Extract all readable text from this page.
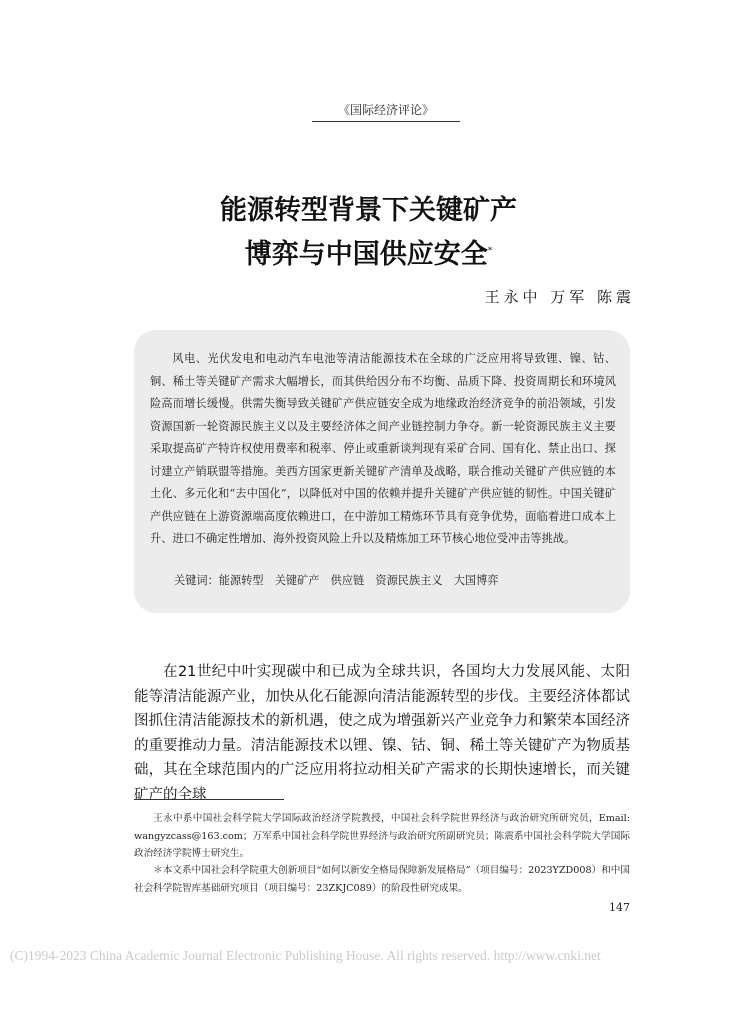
《国际经济评论》
能源转型背景下关键矿产
博弈与中国供应安全*
王永中 万军 陈震

风电、光伏发电和电动汽车电池等清洁能源技术在全球的广泛应用将导致锂、镍、钴、铜、稀土等关键矿产需求大幅增长，而其供给因分布不均衡、品质下降、投资周期长和环境风险高而增长缓慢。供需失衡导致关键矿产供应链安全成为地缘政治经济竞争的前沿领域，引发资源国新一轮资源民族主义以及主要经济体之间产业链控制力争夺。新一轮资源民族主义主要采取提高矿产特许权使用费率和税率、停止或重新谈判现有采矿合同、国有化、禁止出口、探讨建立产销联盟等措施。美西方国家更新关键矿产清单及战略，联合推动关键矿产供应链的本土化、多元化和“去中国化”，以降低对中国的依赖并提升关键矿产供应链的韧性。中国关键矿产供应链在上游资源端高度依赖进口，在中游加工精炼环节具有竞争优势，面临着进口成本上升、进口不确定性增加、海外投资风险上升以及精炼加工环节核心地位受冲击等挑战。

关键词：能源转型　关键矿产　供应链　资源民族主义　大国博弈

在21世纪中叶实现碳中和已成为全球共识，各国均大力发展风能、太阳能等清洁能源产业，加快从化石能源向清洁能源转型的步伐。主要经济体都试图抓住清洁能源技术的新机遇，使之成为增强新兴产业竞争力和繁荣本国经济的重要推动力量。清洁能源技术以锂、镍、钴、铜、稀土等关键矿产为物质基础，其在全球范围内的广泛应用将拉动相关矿产需求的长期快速增长，而关键矿产的全球

王永中系中国社会科学院大学国际政治经济学院教授，中国社会科学院世界经济与政治研究所研究员，Email: wangyzcass@163.com；万军系中国社会科学院世界经济与政治研究所副研究员；陈震系中国社会科学院大学国际政治经济学院博士研究生。

＊本文系中国社会科学院重大创新项目“如何以新安全格局保障新发展格局”（项目编号：2023YZD008）和中国社会科学院智库基础研究项目（项目编号：23ZKJC089）的阶段性研究成果。

147
(C)1994-2023 China Academic Journal Electronic Publishing House. All rights reserved. http://www.cnki.net
